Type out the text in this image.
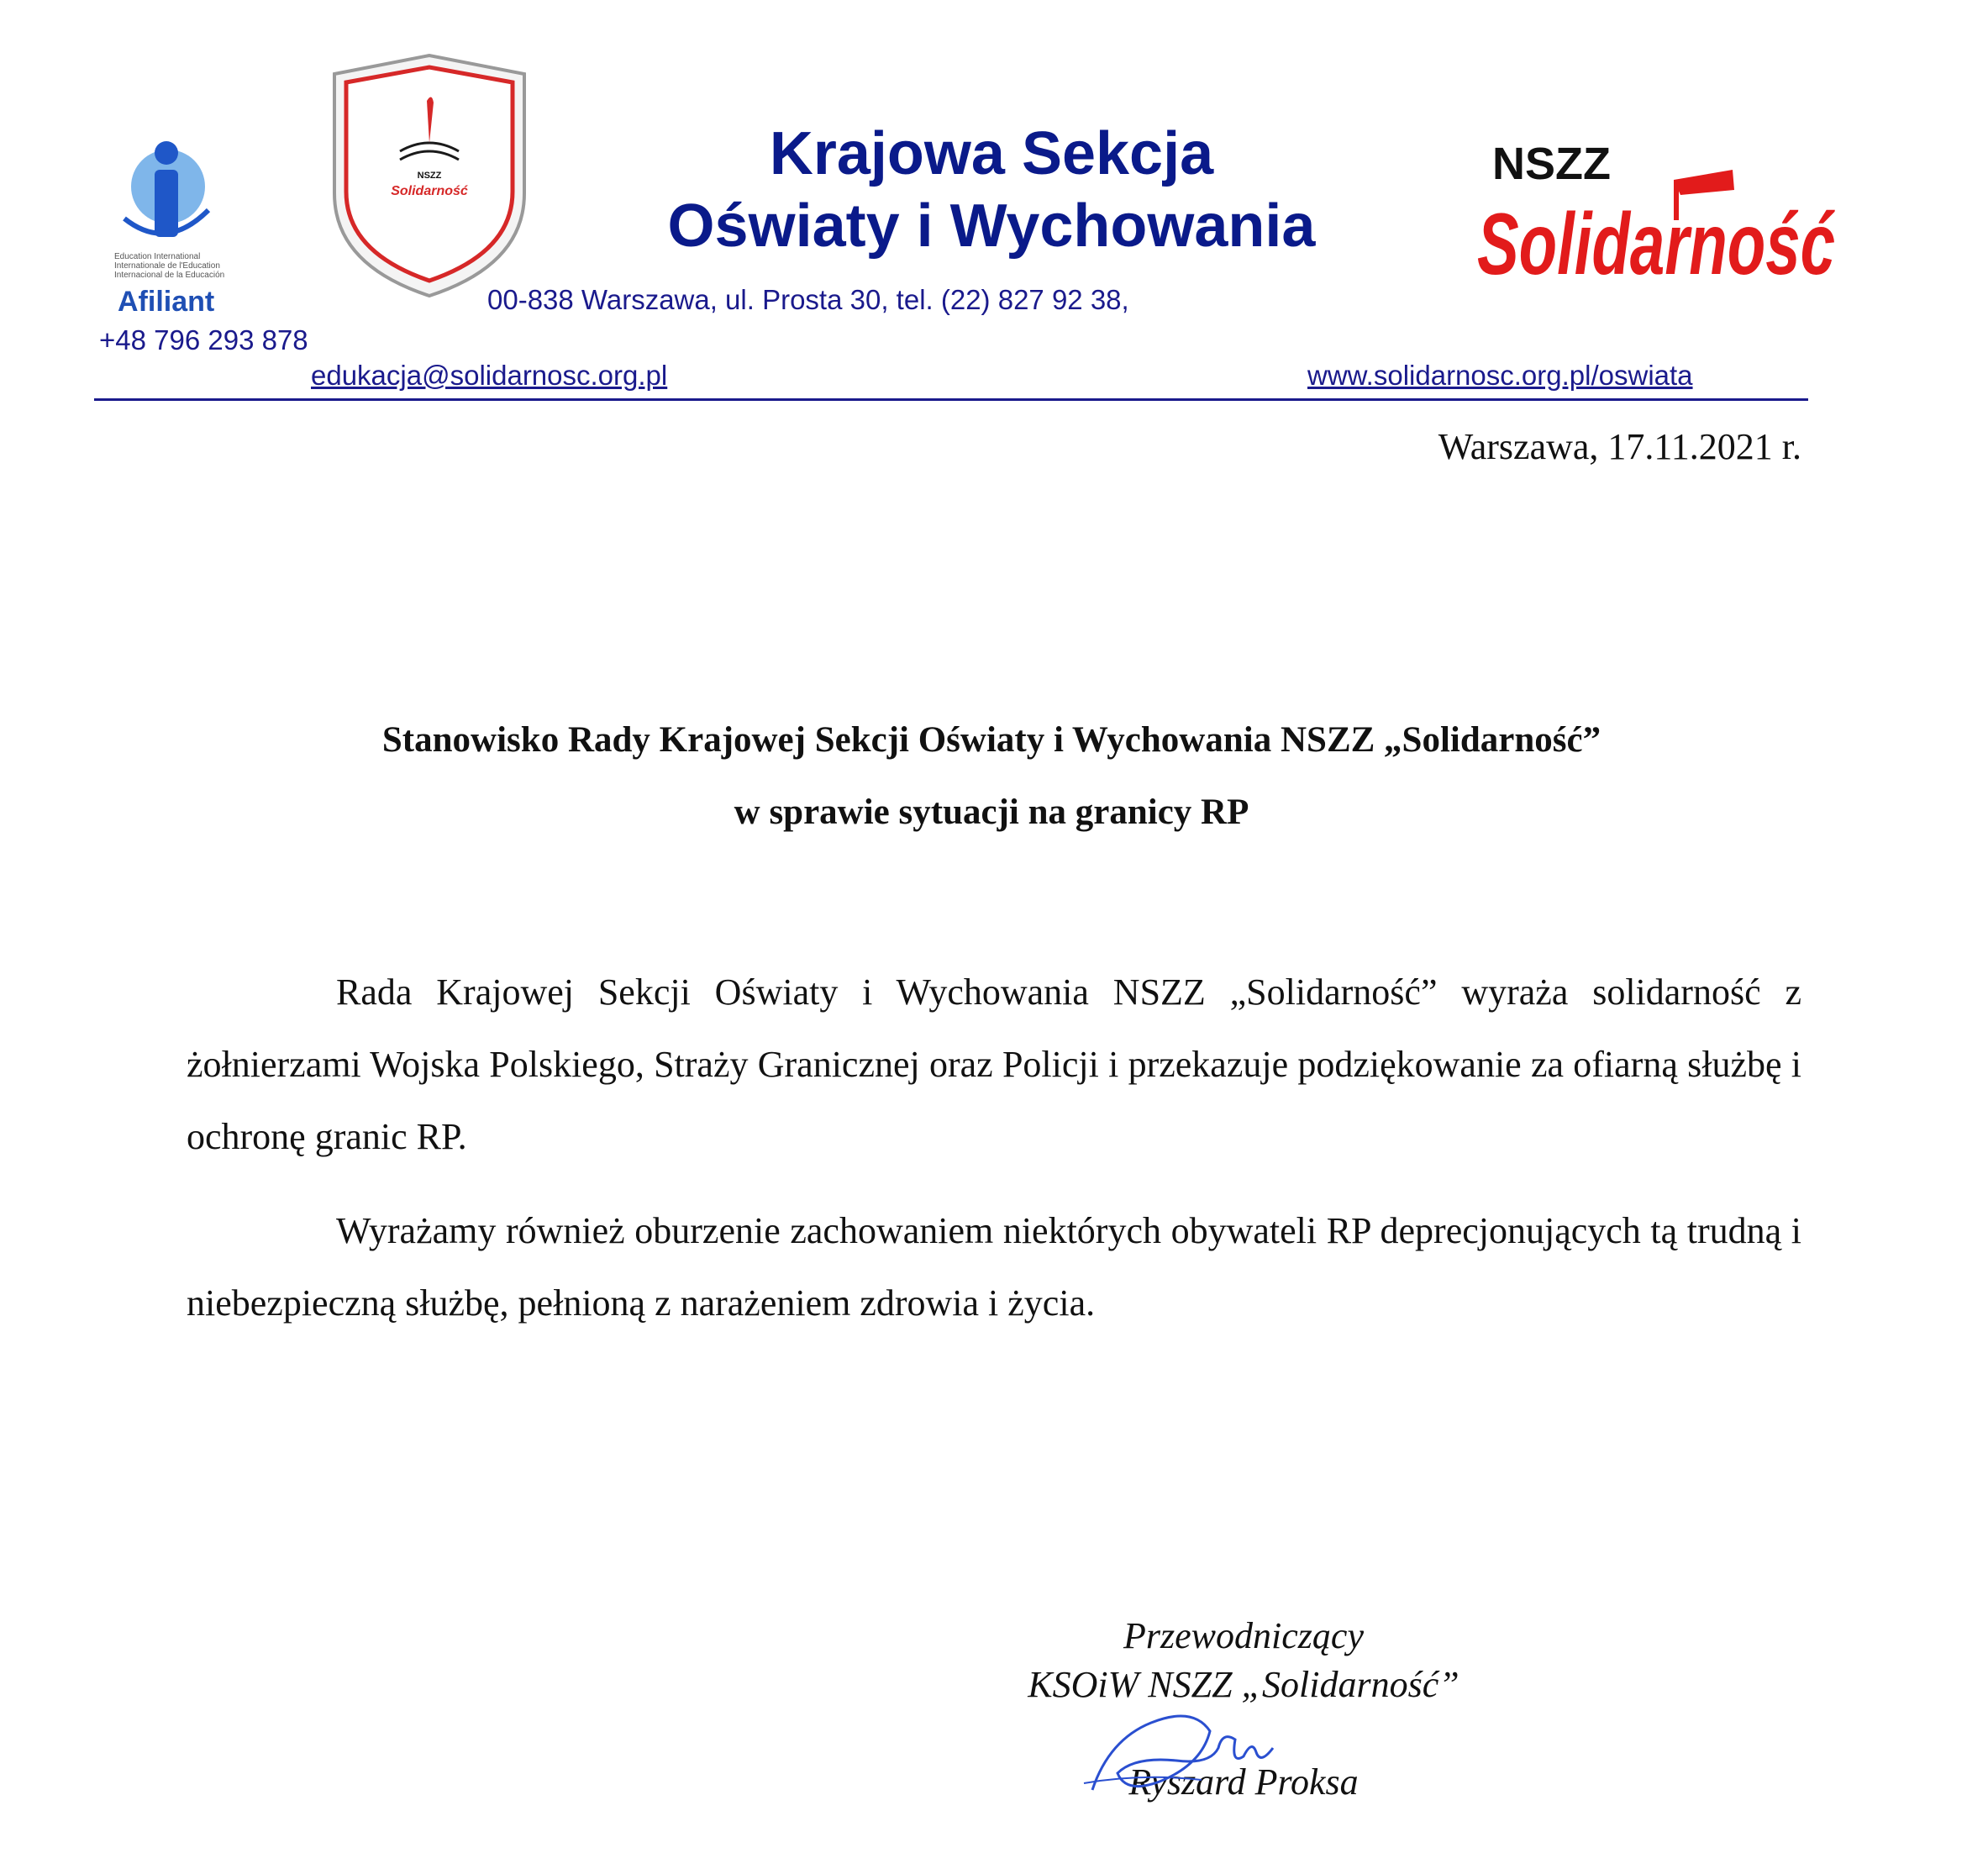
Education International
Internationale de l'Education
Internacional de la Educación
Afiliant
+48 796 293 878
NSZZ
Solidarność
Krajowa Sekcja
Oświaty i Wychowania
00-838 Warszawa, ul. Prosta 30, tel. (22) 827 92 38,
NSZZ
Solidarność
edukacja@solidarnosc.org.pl	www.solidarnosc.org.pl/oswiata
Warszawa, 17.11.2021 r.
Stanowisko Rady Krajowej Sekcji Oświaty i Wychowania NSZZ „Solidarność”
w sprawie sytuacji na granicy RP

Rada Krajowej Sekcji Oświaty i Wychowania NSZZ „Solidarność” wyraża solidarność z żołnierzami Wojska Polskiego, Straży Granicznej oraz Policji i przekazuje podziękowanie za ofiarną służbę i ochronę granic RP.

Wyrażamy również oburzenie zachowaniem niektórych obywateli RP deprecjonujących tą trudną i niebezpieczną służbę, pełnioną z narażeniem zdrowia i życia.

Przewodniczący
KSOiW NSZZ „Solidarność”
Ryszard Proksa
